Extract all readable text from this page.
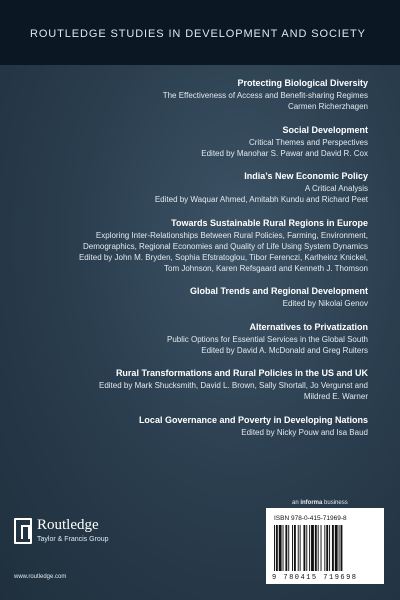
ROUTLEDGE STUDIES IN DEVELOPMENT AND SOCIETY
Protecting Biological Diversity
The Effectiveness of Access and Benefit-sharing Regimes
Carmen Richerzhagen
Social Development
Critical Themes and Perspectives
Edited by Manohar S. Pawar and David R. Cox
India’s New Economic Policy
A Critical Analysis
Edited by Waquar Ahmed, Amitabh Kundu and Richard Peet
Towards Sustainable Rural Regions in Europe
Exploring Inter-Relationships Between Rural Policies, Farming, Environment,
Demographics, Regional Economies and Quality of Life Using System Dynamics
Edited by John M. Bryden, Sophia Efstratoglou, Tibor Ferenczi, Karlheinz Knickel,
Tom Johnson, Karen Refsgaard and Kenneth J. Thomson
Global Trends and Regional Development
Edited by Nikolai Genov
Alternatives to Privatization
Public Options for Essential Services in the Global South
Edited by David A. McDonald and Greg Ruiters
Rural Transformations and Rural Policies in the US and UK
Edited by Mark Shucksmith, David L. Brown, Sally Shortall, Jo Vergunst and
Mildred E. Warner
Local Governance and Poverty in Developing Nations
Edited by Nicky Pouw and Isa Baud
an informa business
Routledge
Taylor & Francis Group
www.routledge.com
ISBN 978-0-415-71969-8
9 780415 719698
